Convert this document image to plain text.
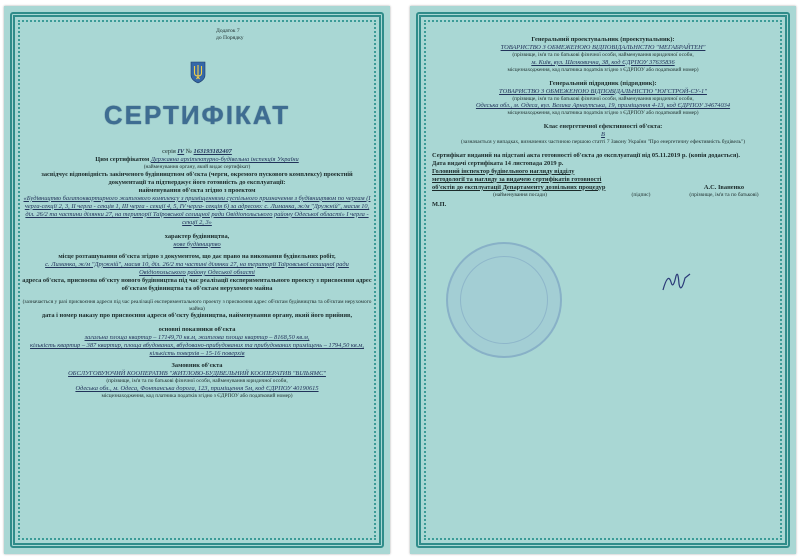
Додаток 7
до Порядку
СЕРТИФІКАТ
серія IV № 163193182407
Цим сертифікатом Державна архітектурно-будівельна інспекція України
(найменування органу, який видає сертифікат)
засвідчує відповідність закінченого будівництвом об'єкта (черги, окремого пускового комплексу) проектній документації та підтверджує його готовність до експлуатації:
найменування об'єкта згідно з проектом
«Будівництво багатоквартирного житлового комплексу з приміщеннями суспільного призначення з будівництвом по чергам (I черга-секції 2, 3, II черга - секція 1, III черга - секції 4, 5, IV черга- секція 6) за адресою: с. Лиманка, ж/м "Дружній", масив 10, діл. 26/2 та частини ділянки 27, на території Таїровської селищної ради Овідіопольського району Одеської області» I черга - секції 2, 3»
характер будівництва,
нове будівництво
місце розташування об'єкта згідно з документом, що дає право на виконання будівельних робіт,
с. Лиманка, ж/м "Дружній", масив 10, діл. 26/2 та частині ділянки 27, на території Таїровської селищної ради Овідіопольського району Одеської області
адреса об'єкта, присвоєна об'єкту нового будівництва під час реалізації експериментального проекту з присвоєння адрес об'єктам будівництва та об'єктам нерухомого майна
(зазначається у разі присвоєння адреси під час реалізації експериментального проекту з присвоєння адрес об'єктам будівництва та об'єктам нерухомого майна)
дата і номер наказу про присвоєння адреси об'єкту будівництва, найменування органу, який його прийняв,
основні показники об'єкта
загальна площа квартир – 17149,70 кв.м, житлова площа квартир – 8168,50 кв.м,
кількість квартир – 387 квартир, площа вбудованих, вбудовано-прибудованих та прибудованих приміщень – 1794,50 кв.м, кількість поверхів – 15-16 поверхів
Замовник об'єкта
ОБСЛУГОВУЮЧИЙ КООПЕРАТИВ "ЖИТЛОВО-БУДІВЕЛЬНИЙ КООПЕРАТИВ "ВІЛЬЯМС"
(прізвище, ім'я та по батькові фізичної особи, найменування юридичної особи,
Одеська обл., м. Одеса, Фонтанська дорога, 123, приміщення 5м, код ЄДРПОУ 40190615
місцезнаходження, код платника податків згідно з ЄДРПОУ або податковий номер)
Генеральний проектувальник (проектувальник):
ТОВАРИСТВО З ОБМЕЖЕНОЮ ВІДПОВІДАЛЬНІСТЮ "МЕГАБРАЙТЕН"
(прізвище, ім'я та по батькові фізичної особи, найменування юридичної особи,
м. Київ, вул. Шелковична, 38, код ЄДРПОУ 37635836
місцезнаходження, код платника податків згідно з ЄДРПОУ або податковий номер)
Генеральний підрядник (підрядник):
ТОВАРИСТВО З ОБМЕЖЕНОЮ ВІДПОВІДАЛЬНІСТЮ "ЮГСТРОЙ-СУ-1"
(прізвище, ім'я та по батькові фізичної особи, найменування юридичної особи,
Одеська обл., м. Одеса, вул. Велика Арнаутська, 19, приміщення 4-13, код ЄДРПОУ 34674034
місцезнаходження, код платника податків згідно з ЄДРПОУ або податковий номер)
Клас енергетичної ефективності об'єкта:
В
(зазначається у випадках, визначених частиною першою статті 7 Закону України "Про енергетичну ефективність будівель")
Сертифікат виданий на підставі акта готовності об'єкта до експлуатації від 05.11.2019 р. (копія додається).
Дата видачі сертифіката 14 листопада 2019 р.
Головний інспектор будівельного нагляду відділу методології та нагляду за видачею сертифікатів готовності об'єктів до експлуатації Департаменту дозвільних процедур
(найменування посади)	(підпис)
А.С. Іваненко
(прізвище, ім'я та по батькові)
М.П.
